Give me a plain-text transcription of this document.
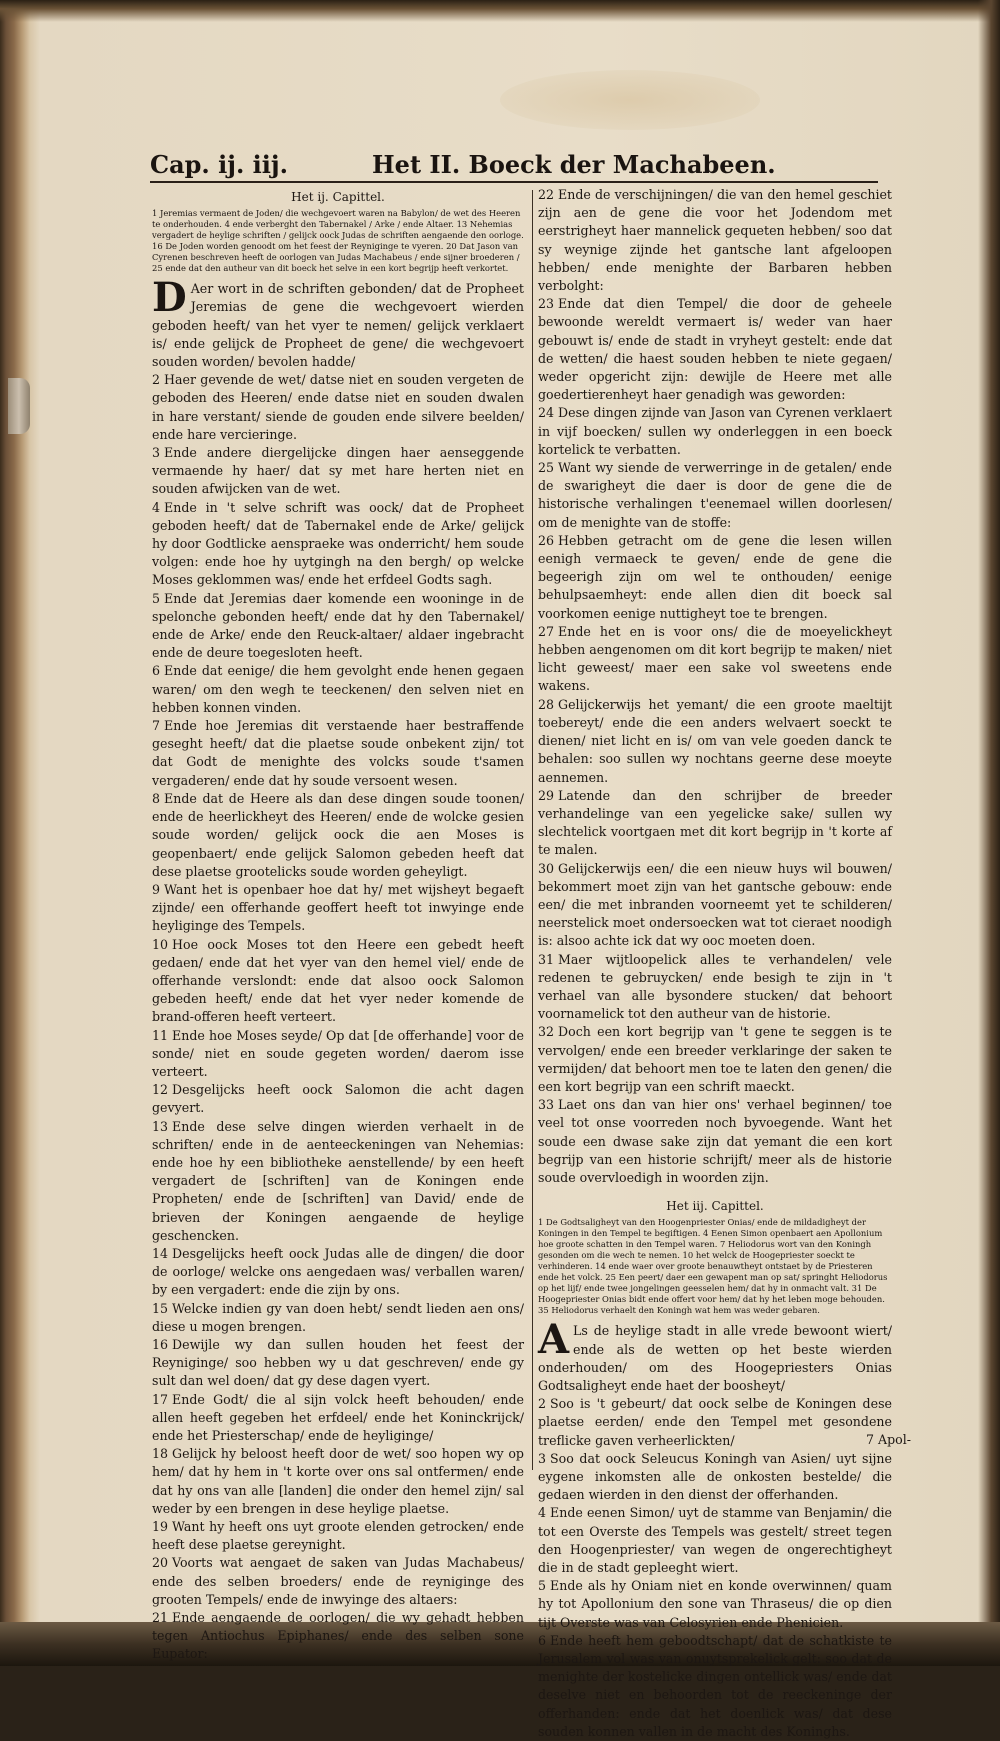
Cap. ij. iij.	Het II. Boeck der Machabeen.
Het ij. Capittel.
1 Jeremias vermaent de Joden/ die wechgevoert waren na Babylon/ de wet des Heeren te onderhouden. 4 ende verberght den Tabernakel / Arke / ende Altaer. 13 Nehemias vergadert de heylige schriften / gelijck oock Judas de schriften aengaende den oorloge. 16 De Joden worden genoodt om het feest der Reyniginge te vyeren. 20 Dat Jason van Cyrenen beschreven heeft de oorlogen van Judas Machabeus / ende sijner broederen / 25 ende dat den autheur van dit boeck het selve in een kort begrijp heeft verkortet.

D Aer wort in de schriften gebonden/ dat de Propheet Jeremias de gene die wechgevoert wierden geboden heeft/ van het vyer te nemen/ gelijck verklaert is/ ende gelijck de Propheet de gene/ die wechgevoert souden worden/ bevolen hadde/

2 Haer gevende de wet/ datse niet en souden vergeten de geboden des Heeren/ ende datse niet en souden dwalen in hare verstant/ siende de gouden ende silvere beelden/ ende hare vercieringe.

3 Ende andere diergelijcke dingen haer aenseggende vermaende hy haer/ dat sy met hare herten niet en souden afwijcken van de wet.

4 Ende in 't selve schrift was oock/ dat de Propheet geboden heeft/ dat de Tabernakel ende de Arke/ gelijck hy door Godtlicke aenspraeke was onderricht/ hem soude volgen: ende hoe hy uytgingh na den bergh/ op welcke Moses geklommen was/ ende het erfdeel Godts sagh.

5 Ende dat Jeremias daer komende een wooninge in de spelonche gebonden heeft/ ende dat hy den Tabernakel/ ende de Arke/ ende den Reuck-altaer/ aldaer ingebracht ende de deure toegesloten heeft.

6 Ende dat eenige/ die hem gevolght ende henen gegaen waren/ om den wegh te teeckenen/ den selven niet en hebben konnen vinden.

7 Ende hoe Jeremias dit verstaende haer bestraffende geseght heeft/ dat die plaetse soude onbekent zijn/ tot dat Godt de menighte des volcks soude t'samen vergaderen/ ende dat hy soude versoent wesen.

8 Ende dat de Heere als dan dese dingen soude toonen/ ende de heerlickheyt des Heeren/ ende de wolcke gesien soude worden/ gelijck oock die aen Moses is geopenbaert/ ende gelijck Salomon gebeden heeft dat dese plaetse grootelicks soude worden geheyligt.

9 Want het is openbaer hoe dat hy/ met wijsheyt begaeft zijnde/ een offerhande geoffert heeft tot inwyinge ende heyliginge des Tempels.

10 Hoe oock Moses tot den Heere een gebedt heeft gedaen/ ende dat het vyer van den hemel viel/ ende de offerhande verslondt: ende dat alsoo oock Salomon gebeden heeft/ ende dat het vyer neder komende de brand-offeren heeft verteert.

11 Ende hoe Moses seyde/ Op dat [de offerhande] voor de sonde/ niet en soude gegeten worden/ daerom isse verteert.

12 Desgelijcks heeft oock Salomon die acht dagen gevyert.

13 Ende dese selve dingen wierden verhaelt in de schriften/ ende in de aenteeckeningen van Nehemias: ende hoe hy een bibliotheke aenstellende/ by een heeft vergadert de [schriften] van de Koningen ende Propheten/ ende de [schriften] van David/ ende de brieven der Koningen aengaende de heylige geschencken.

14 Desgelijcks heeft oock Judas alle de dingen/ die door de oorloge/ welcke ons aengedaen was/ verballen waren/ by een vergadert: ende die zijn by ons.

15 Welcke indien gy van doen hebt/ sendt lieden aen ons/ diese u mogen brengen.

16 Dewijle wy dan sullen houden het feest der Reyniginge/ soo hebben wy u dat geschreven/ ende gy sult dan wel doen/ dat gy dese dagen vyert.

17 Ende Godt/ die al sijn volck heeft behouden/ ende allen heeft gegeben het erfdeel/ ende het Koninckrijck/ ende het Priesterschap/ ende de heyliginge/

18 Gelijck hy beloost heeft door de wet/ soo hopen wy op hem/ dat hy hem in 't korte over ons sal ontfermen/ ende dat hy ons van alle [landen] die onder den hemel zijn/ sal weder by een brengen in dese heylige plaetse.

19 Want hy heeft ons uyt groote elenden getrocken/ ende heeft dese plaetse gereynight.

20 Voorts wat aengaet de saken van Judas Machabeus/ ende des selben broeders/ ende de reyniginge des grooten Tempels/ ende de inwyinge des altaers:

21 Ende aengaende de oorlogen/ die wy gehadt hebben tegen Antiochus Epiphanes/ ende des selben sone Eupator:

22 Ende de verschijningen/ die van den hemel geschiet zijn aen de gene die voor het Jodendom met eerstrigheyt haer mannelick gequeten hebben/ soo dat sy weynige zijnde het gantsche lant afgeloopen hebben/ ende menighte der Barbaren hebben verbolght:

23 Ende dat dien Tempel/ die door de geheele bewoonde wereldt vermaert is/ weder van haer gebouwt is/ ende de stadt in vryheyt gestelt: ende dat de wetten/ die haest souden hebben te niete gegaen/ weder opgericht zijn: dewijle de Heere met alle goedertierenheyt haer genadigh was geworden:

24 Dese dingen zijnde van Jason van Cyrenen verklaert in vijf boecken/ sullen wy onderleggen in een boeck kortelick te verbatten.

25 Want wy siende de verwerringe in de getalen/ ende de swarigheyt die daer is door de gene die de historische verhalingen t'eenemael willen doorlesen/ om de menighte van de stoffe:

26 Hebben getracht om de gene die lesen willen eenigh vermaeck te geven/ ende de gene die begeerigh zijn om wel te onthouden/ eenige behulpsaemheyt: ende allen dien dit boeck sal voorkomen eenige nuttigheyt toe te brengen.

27 Ende het en is voor ons/ die de moeyelickheyt hebben aengenomen om dit kort begrijp te maken/ niet licht geweest/ maer een sake vol sweetens ende wakens.

28 Gelijckerwijs het yemant/ die een groote maeltijt toebereyt/ ende die een anders welvaert soeckt te dienen/ niet licht en is/ om van vele goeden danck te behalen: soo sullen wy nochtans geerne dese moeyte aennemen.

29 Latende dan den schrijber de breeder verhandelinge van een yegelicke sake/ sullen wy slechtelick voortgaen met dit kort begrijp in 't korte af te malen.

30 Gelijckerwijs een/ die een nieuw huys wil bouwen/ bekommert moet zijn van het gantsche gebouw: ende een/ die met inbranden voorneemt yet te schilderen/ neerstelick moet ondersoecken wat tot cieraet noodigh is: alsoo achte ick dat wy ooc moeten doen.

31 Maer wijtloopelick alles te verhandelen/ vele redenen te gebruycken/ ende besigh te zijn in 't verhael van alle bysondere stucken/ dat behoort voornamelick tot den autheur van de historie.

32 Doch een kort begrijp van 't gene te seggen is te vervolgen/ ende een breeder verklaringe der saken te vermijden/ dat behoort men toe te laten den genen/ die een kort begrijp van een schrift maeckt.

33 Laet ons dan van hier ons' verhael beginnen/ toe veel tot onse voorreden noch byvoegende. Want het soude een dwase sake zijn dat yemant die een kort begrijp van een historie schrijft/ meer als de historie soude overvloedigh in woorden zijn.

Het iij. Capittel.
1 De Godtsaligheyt van den Hoogenpriester Onias/ ende de mildadigheyt der Koningen in den Tempel te begiftigen. 4 Eenen Simon openbaert aen Apollonium hoe groote schatten in den Tempel waren. 7 Heliodorus wort van den Koningh gesonden om die wech te nemen. 10 het welck de Hoogepriester soeckt te verhinderen. 14 ende waer over groote benauwtheyt ontstaet by de Priesteren ende het volck. 25 Een peert/ daer een gewapent man op sat/ springht Heliodorus op het lijf/ ende twee jongelingen geesselen hem/ dat hy in onmacht valt. 31 De Hoogepriester Onias bidt ende offert voor hem/ dat hy het leben moge behouden. 35 Heliodorus verhaelt den Koningh wat hem was weder gebaren.

A Ls de heylige stadt in alle vrede bewoont wiert/ ende als de wetten op het beste wierden onderhouden/ om des Hoogepriesters Onias Godtsaligheyt ende haet der boosheyt/

2 Soo is 't gebeurt/ dat oock selbe de Koningen dese plaetse eerden/ ende den Tempel met gesondene treflicke gaven verheerlickten/

3 Soo dat oock Seleucus Koningh van Asien/ uyt sijne eygene inkomsten alle de onkosten bestelde/ die gedaen wierden in den dienst der offerhanden.

4 Ende eenen Simon/ uyt de stamme van Benjamin/ die tot een Overste des Tempels was gestelt/ street tegen den Hoogenpriester/ van wegen de ongerechtigheyt die in de stadt gepleeght wiert.

5 Ende als hy Oniam niet en konde overwinnen/ quam hy tot Apollonium den sone van Thraseus/ die op dien tijt Overste was van Celosyrien ende Phenicien.

6 Ende heeft hem geboodtschapt/ dat de schatkiste te Jerusalem vol was van onuytsprekelick gelt: soo dat de menighte der kostelicke dingen ontellick was/ ende dat deselve niet en behoorden tot de reeckeninge der offerhanden: ende dat het doenlick was/ dat dese souden konnen vallen in de macht des Koninghs.

7 Apol-
